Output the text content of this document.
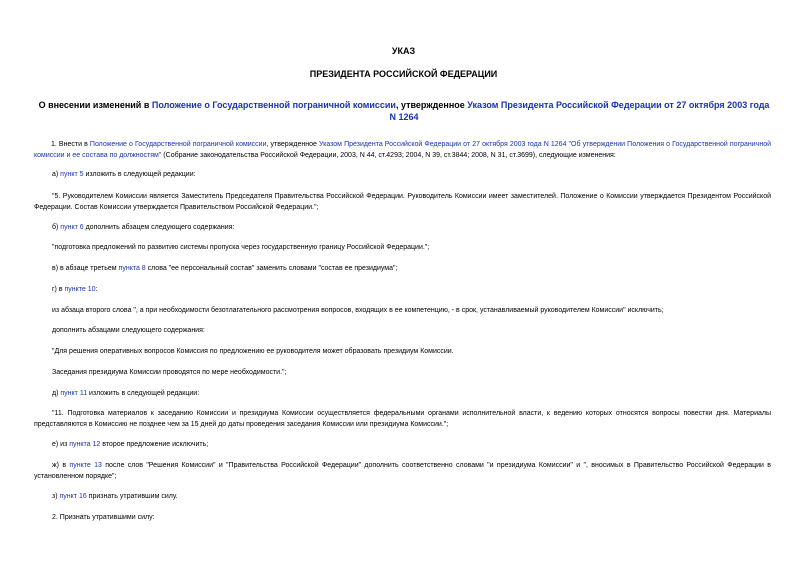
УКАЗ
ПРЕЗИДЕНТА РОССИЙСКОЙ ФЕДЕРАЦИИ
О внесении изменений в Положение о Государственной пограничной комиссии, утвержденное Указом Президента Российской Федерации от 27 октября 2003 года N 1264
1. Внести в Положение о Государственной пограничной комиссии, утвержденное Указом Президента Российской Федерации от 27 октября 2003 года N 1264 "Об утверждении Положения о Государственной пограничной комиссии и ее состава по должностям" (Собрание законодательства Российской Федерации, 2003, N 44, ст.4293; 2004, N 39, ст.3844; 2008, N 31, ст.3699), следующие изменения:
а) пункт 5 изложить в следующей редакции:
"5. Руководителем Комиссии является Заместитель Председателя Правительства Российской Федерации. Руководитель Комиссии имеет заместителей. Положение о Комиссии утверждается Президентом Российской Федерации. Состав Комиссии утверждается Правительством Российской Федерации.";
б) пункт 6 дополнить абзацем следующего содержания:
"подготовка предложений по развитию системы пропуска через государственную границу Российской Федерации.";
в) в абзаце третьем пункта 8 слова "ее персональный состав" заменить словами "состав ее президиума";
г) в пункте 10:
из абзаца второго слова ", а при необходимости безотлагательного рассмотрения вопросов, входящих в ее компетенцию, - в срок, устанавливаемый руководителем Комиссии" исключить;
дополнить абзацами следующего содержания:
"Для решения оперативных вопросов Комиссия по предложению ее руководителя может образовать президиум Комиссии.
Заседания президиума Комиссии проводятся по мере необходимости.";
д) пункт 11 изложить в следующей редакции:
"11. Подготовка материалов к заседанию Комиссии и президиума Комиссии осуществляется федеральными органами исполнительной власти, к ведению которых относятся вопросы повестки дня. Материалы представляются в Комиссию не позднее чем за 15 дней до даты проведения заседания Комиссии или президиума Комиссии.";
е) из пункта 12 второе предложение исключить;
ж) в пункте 13 после слов "Решения Комиссии" и "Правительства Российской Федерации" дополнить соответственно словами "и президиума Комиссии" и ", вносимых в Правительство Российской Федерации в установленном порядке";
з) пункт 16 признать утратившим силу.
2. Признать утратившими силу:
